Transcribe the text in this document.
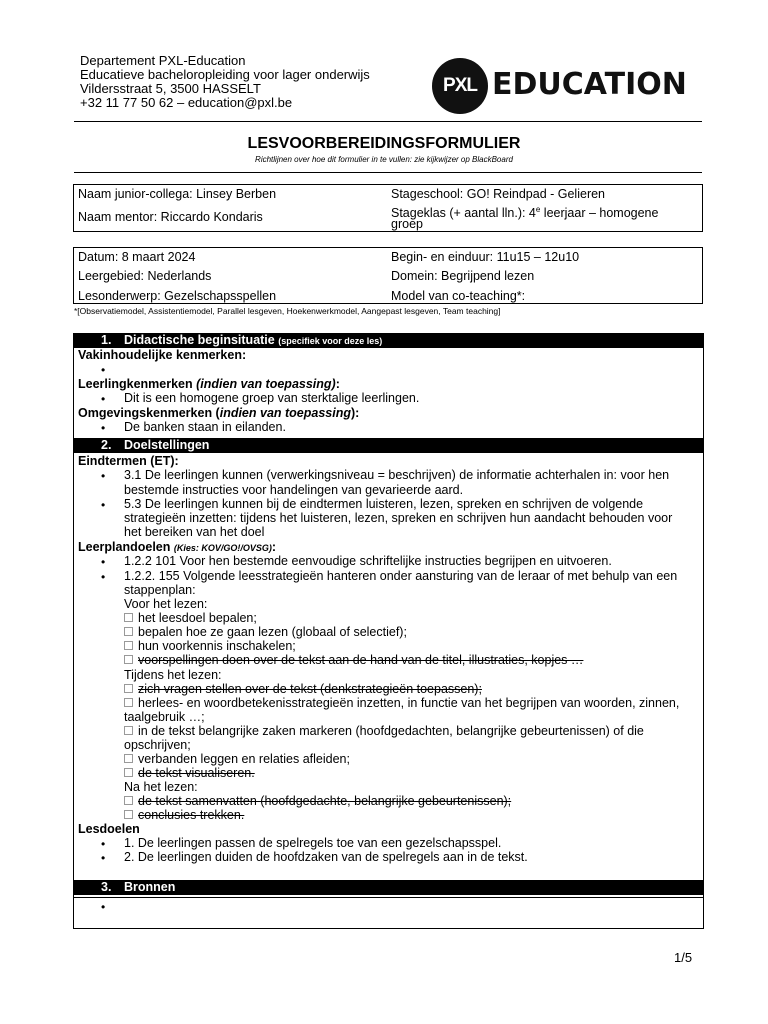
Departement PXL-Education
Educatieve bacheloropleiding voor lager onderwijs
Vildersstraat 5, 3500 HASSELT
+32 11 77 50 62 – education@pxl.be
PXL EDUCATION
LESVOORBEREIDINGSFORMULIER
Richtlijnen over hoe dit formulier in te vullen: zie kijkwijzer op BlackBoard
Naam junior-collega: Linsey Berben
Naam mentor: Riccardo Kondaris
Stageschool: GO! Reindpad - Gelieren
Stageklas (+ aantal lln.): 4e leerjaar – homogene
groep
Datum: 8 maart 2024
Leergebied: Nederlands
Lesonderwerp: Gezelschapsspellen
Begin- en einduur: 11u15 – 12u10
Domein: Begrijpend lezen
Model van co-teaching*:
*[Observatiemodel, Assistentiemodel, Parallel lesgeven, Hoekenwerkmodel, Aangepast lesgeven, Team teaching]
1. Didactische beginsituatie (specifiek voor deze les)
Vakinhoudelijke kenmerken:
•
Leerlingkenmerken (indien van toepassing):
• Dit is een homogene groep van sterktalige leerlingen.
Omgevingskenmerken (indien van toepassing):
• De banken staan in eilanden.
2. Doelstellingen
Eindtermen (ET):
• 3.1 De leerlingen kunnen (verwerkingsniveau = beschrijven) de informatie achterhalen in: voor hen
bestemde instructies voor handelingen van gevarieerde aard.
• 5.3 De leerlingen kunnen bij de eindtermen luisteren, lezen, spreken en schrijven de volgende
strategieën inzetten: tijdens het luisteren, lezen, spreken en schrijven hun aandacht behouden voor
het bereiken van het doel
Leerplandoelen (Kies: KOV/GO!/OVSG):
• 1.2.2 101 Voor hen bestemde eenvoudige schriftelijke instructies begrijpen en uitvoeren.
• 1.2.2. 155 Volgende leesstrategieën hanteren onder aansturing van de leraar of met behulp van een
stappenplan:
Voor het lezen:
het leesdoel bepalen;
bepalen hoe ze gaan lezen (globaal of selectief);
hun voorkennis inschakelen;
voorspellingen doen over de tekst aan de hand van de titel, illustraties, kopjes …
Tijdens het lezen:
zich vragen stellen over de tekst (denkstrategieën toepassen);
herlees- en woordbetekenisstrategieën inzetten, in functie van het begrijpen van woorden, zinnen,
taalgebruik …;
in de tekst belangrijke zaken markeren (hoofdgedachten, belangrijke gebeurtenissen) of die
opschrijven;
verbanden leggen en relaties afleiden;
de tekst visualiseren.
Na het lezen:
de tekst samenvatten (hoofdgedachte, belangrijke gebeurtenissen);
conclusies trekken.
Lesdoelen
• 1. De leerlingen passen de spelregels toe van een gezelschapsspel.
• 2. De leerlingen duiden de hoofdzaken van de spelregels aan in de tekst.
3. Bronnen
•
1/5
